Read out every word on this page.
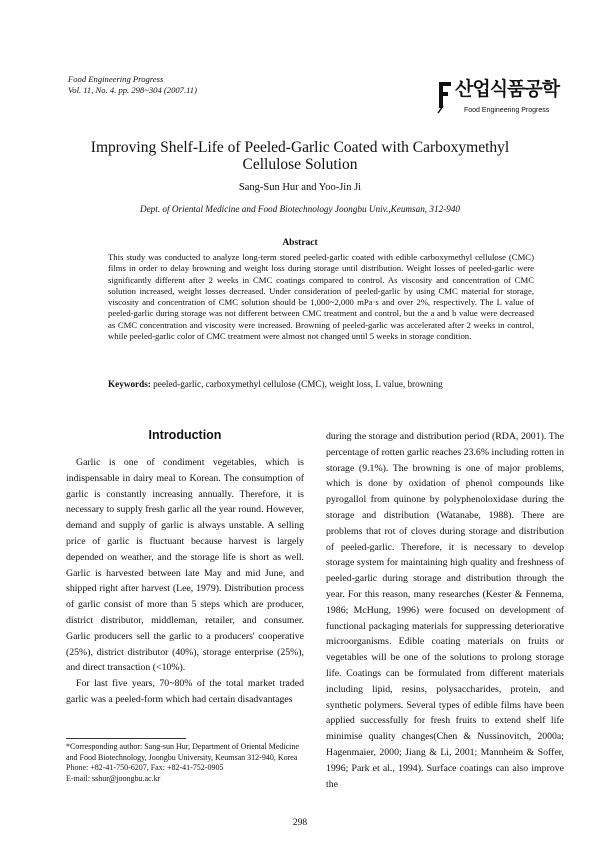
Food Engineering Progress
Vol. 11, No. 4. pp. 298~304 (2007.11)	산업식품공학
Food Engineering Progress
Improving Shelf-Life of Peeled-Garlic Coated with Carboxymethyl Cellulose Solution
Sang-Sun Hur and Yoo-Jin Ji
Dept. of Oriental Medicine and Food Biotechnology Joongbu Univ.,Keumsan, 312-940
Abstract

This study was conducted to analyze long-term stored peeled-garlic coated with edible carboxymethyl cellulose (CMC) films in order to delay browning and weight loss during storage until distribution. Weight losses of peeled-garlic were significantly different after 2 weeks in CMC coatings compared to control. As viscosity and concentration of CMC solution increased, weight losses decreased. Under consideration of peeled-garlic by using CMC material for storage, viscosity and concentration of CMC solution should be 1,000~2,000 mPa·s and over 2%, respectively. The L value of peeled-garlic during storage was not different between CMC treatment and control, but the a and b value were decreased as CMC concentration and viscosity were increased. Browning of peeled-garlic was accelerated after 2 weeks in control, while peeled-garlic color of CMC treatment were almost not changed until 5 weeks in storage condition.

Keywords: peeled-garlic, carboxymethyl cellulose (CMC), weight loss, L value, browning

Introduction

Garlic is one of condiment vegetables, which is indispensable in dairy meal to Korean. The consumption of garlic is constantly increasing annually. Therefore, it is necessary to supply fresh garlic all the year round. However, demand and supply of garlic is always unstable. A selling price of garlic is fluctuant because harvest is largely depended on weather, and the storage life is short as well. Garlic is harvested between late May and mid June, and shipped right after harvest (Lee, 1979). Distribution process of garlic consist of more than 5 steps which are producer, district distributor, middleman, retailer, and consumer. Garlic producers sell the garlic to a producers' cooperative (25%), district distributor (40%), storage enterprise (25%), and direct transaction (<10%).

For last five years, 70~80% of the total market traded garlic was a peeled-form which had certain disadvantages

during the storage and distribution period (RDA, 2001). The percentage of rotten garlic reaches 23.6% including rotten in storage (9.1%). The browning is one of major problems, which is done by oxidation of phenol compounds like pyrogallol from quinone by polyphenoloxidase during the storage and distribution (Watanabe, 1988). There are problems that rot of cloves during storage and distribution of peeled-garlic. Therefore, it is necessary to develop storage system for maintaining high quality and freshness of peeled-garlic during storage and distribution through the year. For this reason, many researches (Kester & Fennema, 1986; McHung, 1996) were focused on development of functional packaging materials for suppressing deteriorative microorganisms. Edible coating materials on fruits or vegetables will be one of the solutions to prolong storage life. Coatings can be formulated from different materials including lipid, resins, polysaccharides, protein, and synthetic polymers. Several types of edible films have been applied successfully for fresh fruits to extend shelf life minimise quality changes(Chen & Nussinovitch, 2000a; Hagenmaier, 2000; Jiang & Li, 2001; Mannheim & Soffer, 1996; Park et al., 1994). Surface coatings can also improve the

*Corresponding author: Sang-sun Hur, Department of Oriental Medicine and Food Biotechnology, Joongbu University, Keumsan 312-940, Korea
Phone: +82-41-750-6207, Fax: +82-41-752-0905
E-mail: sshur@joongbu.ac.kr
298
